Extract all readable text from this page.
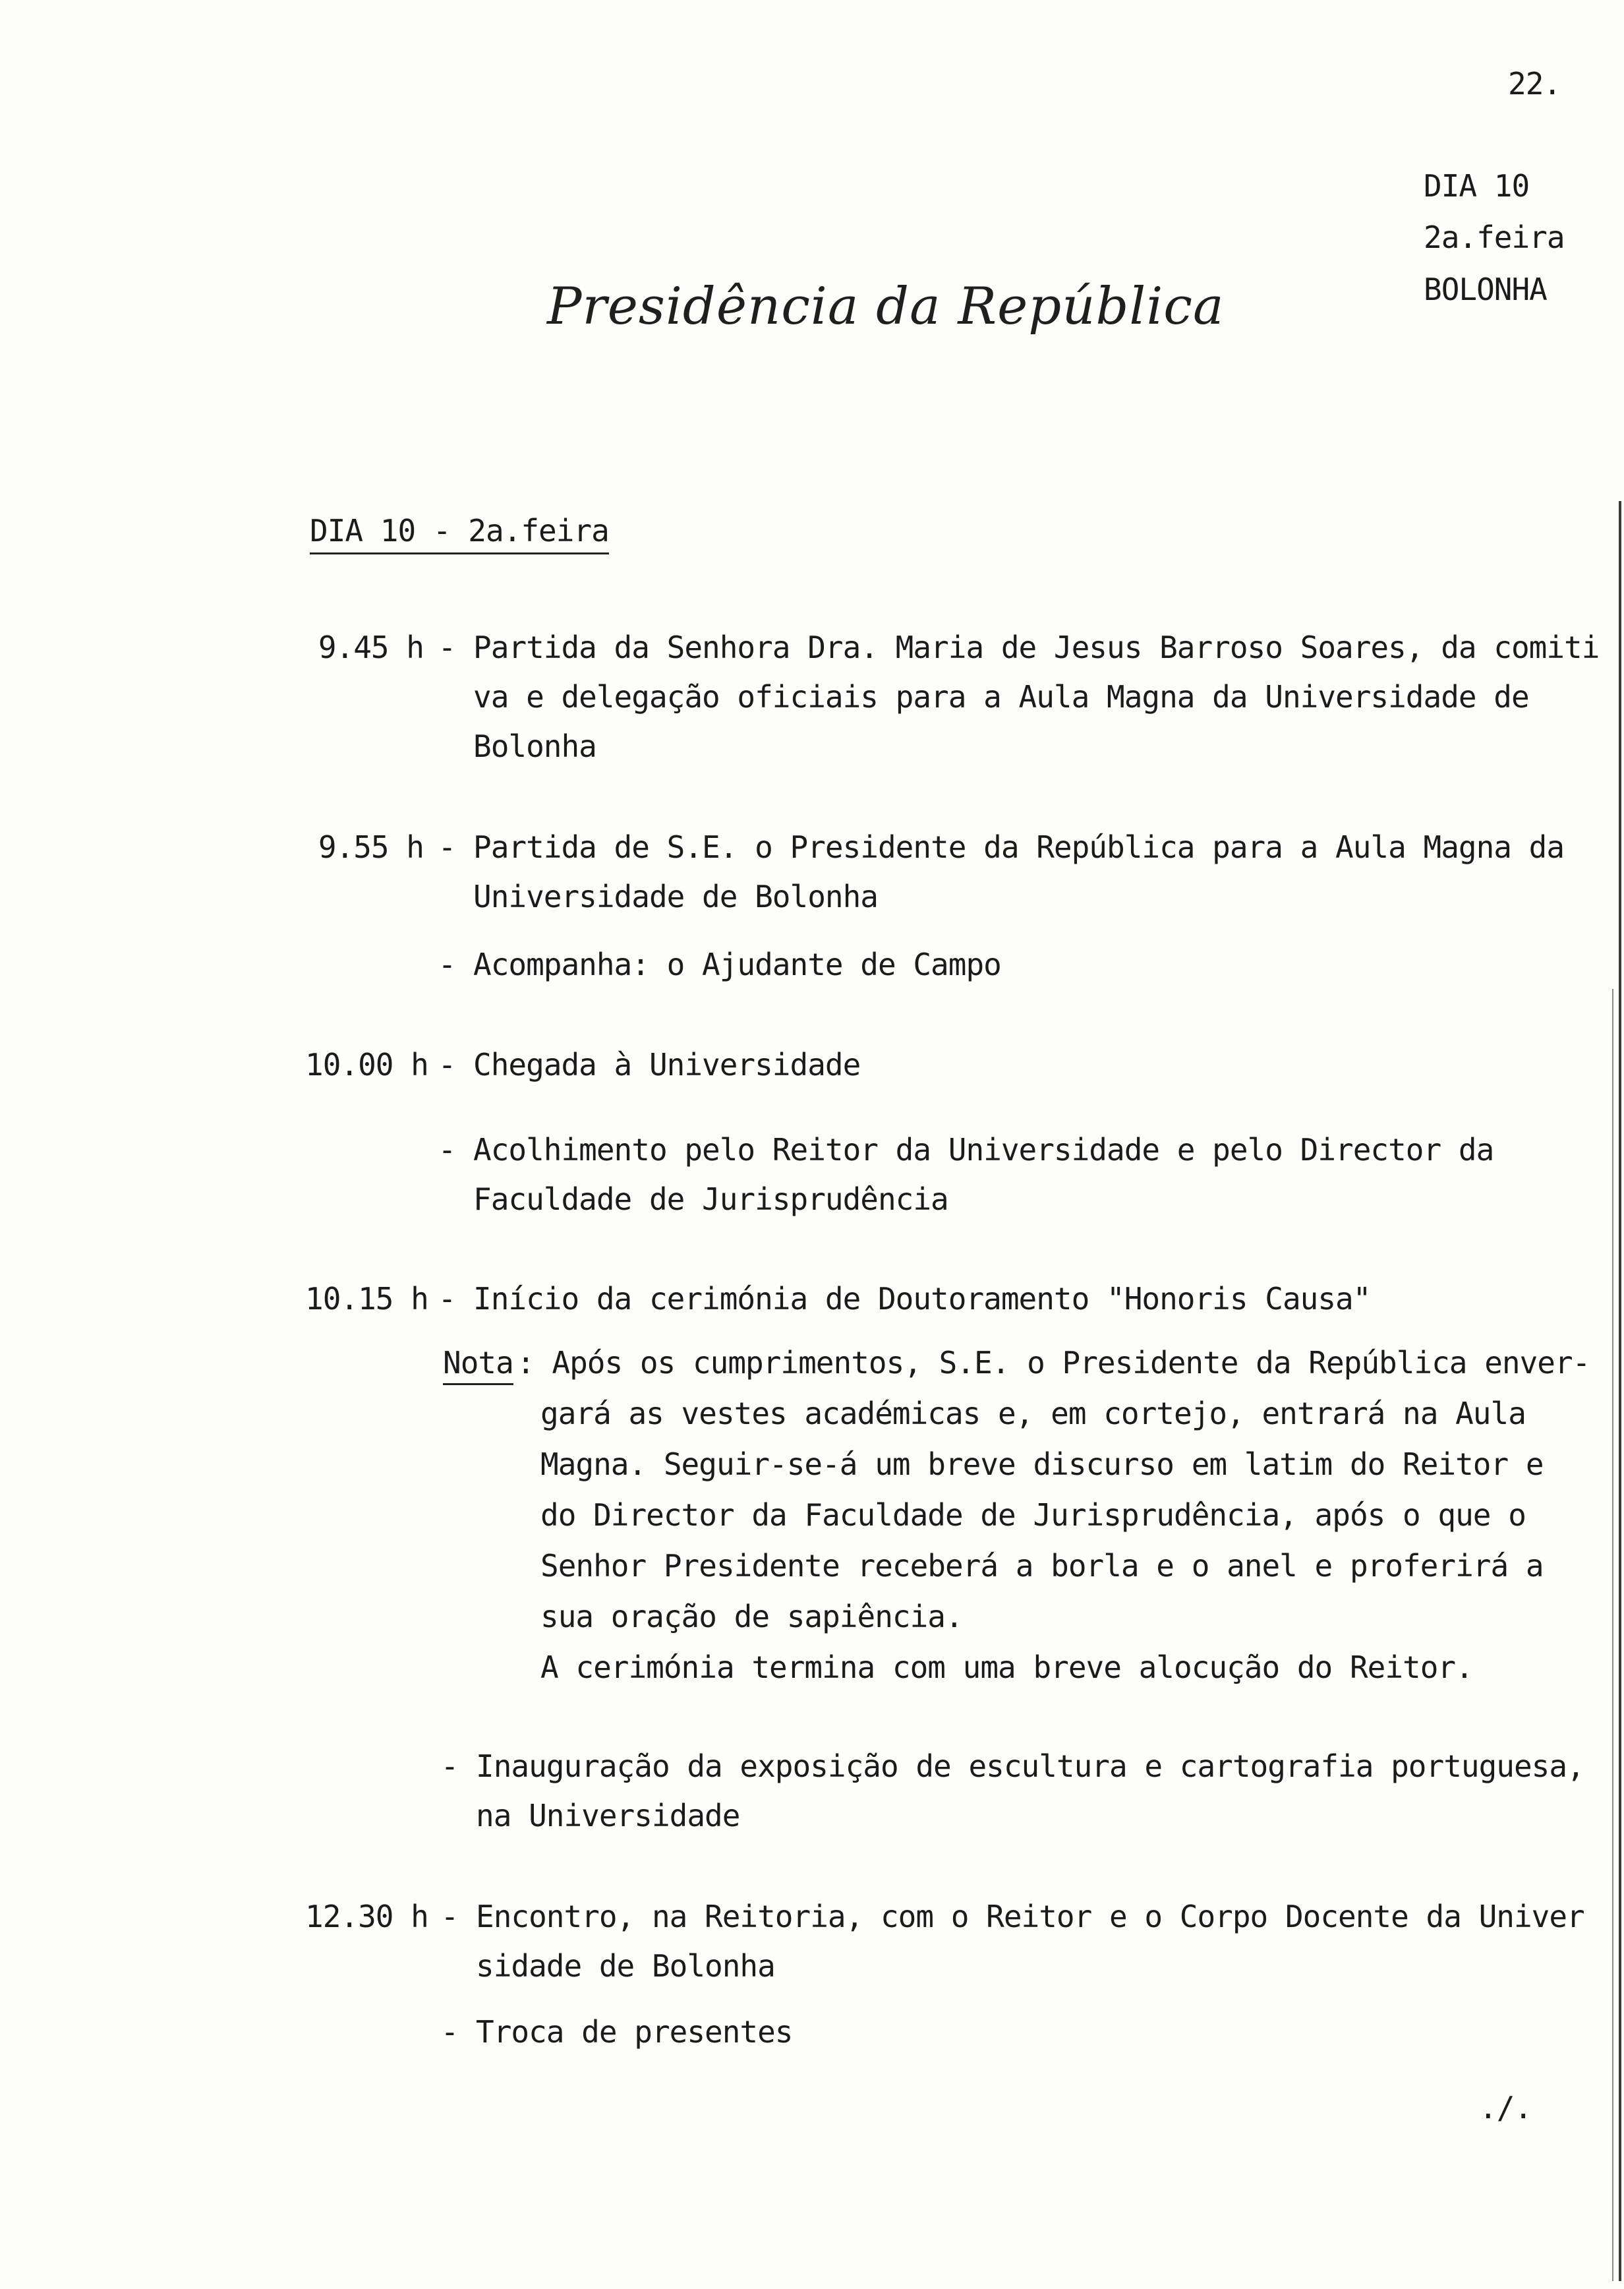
22.
DIA 10
2a.feira
BOLONHA
Presidência da República
DIA 10 - 2a.feira
9.45 h - Partida da Senhora Dra. Maria de Jesus Barroso Soares, da comiti
va e delegação oficiais para a Aula Magna da Universidade de
Bolonha
9.55 h - Partida de S.E. o Presidente da República para a Aula Magna da
Universidade de Bolonha
- Acompanha: o Ajudante de Campo
10.00 h - Chegada à Universidade
- Acolhimento pelo Reitor da Universidade e pelo Director da
Faculdade de Jurisprudência
10.15 h - Início da cerimónia de Doutoramento "Honoris Causa"
Nota : Após os cumprimentos, S.E. o Presidente da República enver-
gará as vestes académicas e, em cortejo, entrará na Aula
Magna. Seguir-se-á um breve discurso em latim do Reitor e
do Director da Faculdade de Jurisprudência, após o que o
Senhor Presidente receberá a borla e o anel e proferirá a
sua oração de sapiência.
A cerimónia termina com uma breve alocução do Reitor.
- Inauguração da exposição de escultura e cartografia portuguesa,
na Universidade
12.30 h - Encontro, na Reitoria, com o Reitor e o Corpo Docente da Univer
sidade de Bolonha
- Troca de presentes
./.
